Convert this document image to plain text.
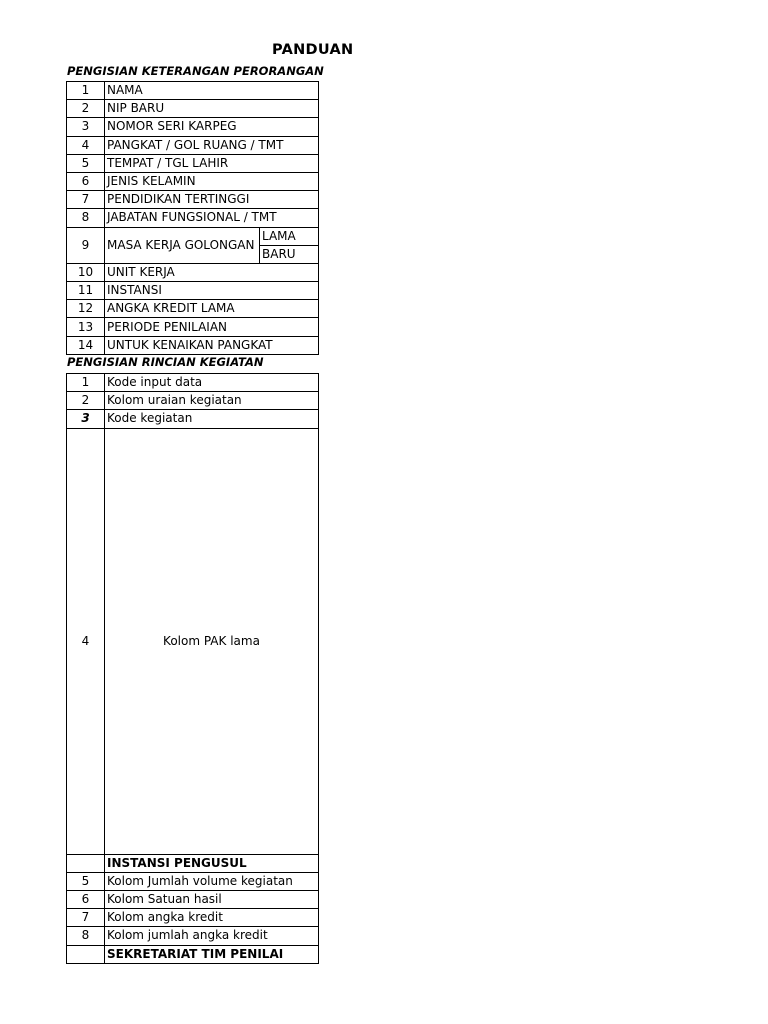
PANDUAN
PENGISIAN KETERANGAN PERORANGAN
1	NAMA	
2	NIP BARU	
3	NOMOR SERI KARPEG	
4	PANGKAT / GOL RUANG / TMT	
5	TEMPAT / TGL LAHIR	
6	JENIS KELAMIN	
7	PENDIDIKAN TERTINGGI	
8	JABATAN FUNGSIONAL / TMT	
9	MASA KERJA GOLONGAN	LAMA
		BARU
10	UNIT KERJA	
11	INSTANSI	
12	ANGKA KREDIT LAMA	
13	PERIODE PENILAIAN	
14	UNTUK KENAIKAN PANGKAT	
PENGISIAN RINCIAN KEGIATAN
1	Kode input data
2	Kolom uraian kegiatan
3	Kode kegiatan
4	Kolom PAK lama
	INSTANSI PENGUSUL
5	Kolom Jumlah volume kegiatan
6	Kolom Satuan hasil
7	Kolom angka kredit
8	Kolom jumlah angka kredit
	SEKRETARIAT TIM PENILAI
